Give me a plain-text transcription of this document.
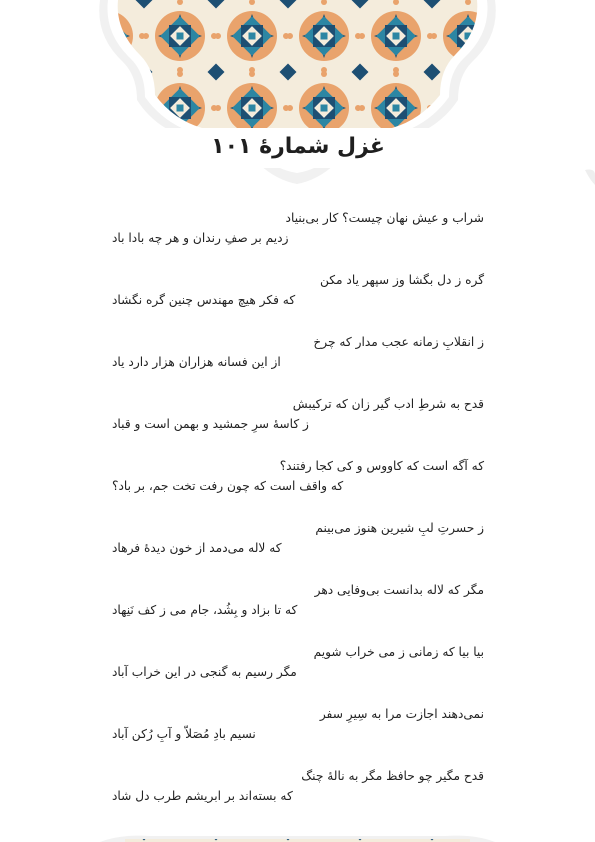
غزل شمارهٔ ۱۰۱
شراب و عیش نهان چیست؟ کار بی‌بنیاد
زدیم بر صفِ رندان و هر چه بادا باد
گره ز دل بگشا وز سپهر یاد مکن
که فکر هیچ مهندس چنین گره نگشاد
ز انقلابِ زمانه عجب مدار که چرخ
از این فسانه هزاران هزار دارد یاد
قدح به شرطِ ادب گیر زان که ترکیبش
ز کاسهٔ سرِ جمشید و بهمن است و قباد
که آگه است که کاووس و کی کجا رفتند؟
که واقف است که چون رفت تخت جم، بر باد؟
ز حسرتِ لبِ شیرین هنوز می‌بینم
که لاله می‌دمد از خون دیدهٔ فرهاد
مگر که لاله بدانست بی‌وفایی دهر
که تا بزاد و بِشُد، جام می ز کف نَنِهاد
بیا بیا که زمانی ز می خراب شویم
مگر رسیم به گنجی در این خراب آباد
نمی‌دهند اجازت مرا به سِیرِ سفر
نسیم بادِ مُصَلاّ و آبِ رُکن آباد
قدح مگیر چو حافظ مگر به نالهٔ چنگ
که بسته‌اند بر ابریشم طرب دل شاد
